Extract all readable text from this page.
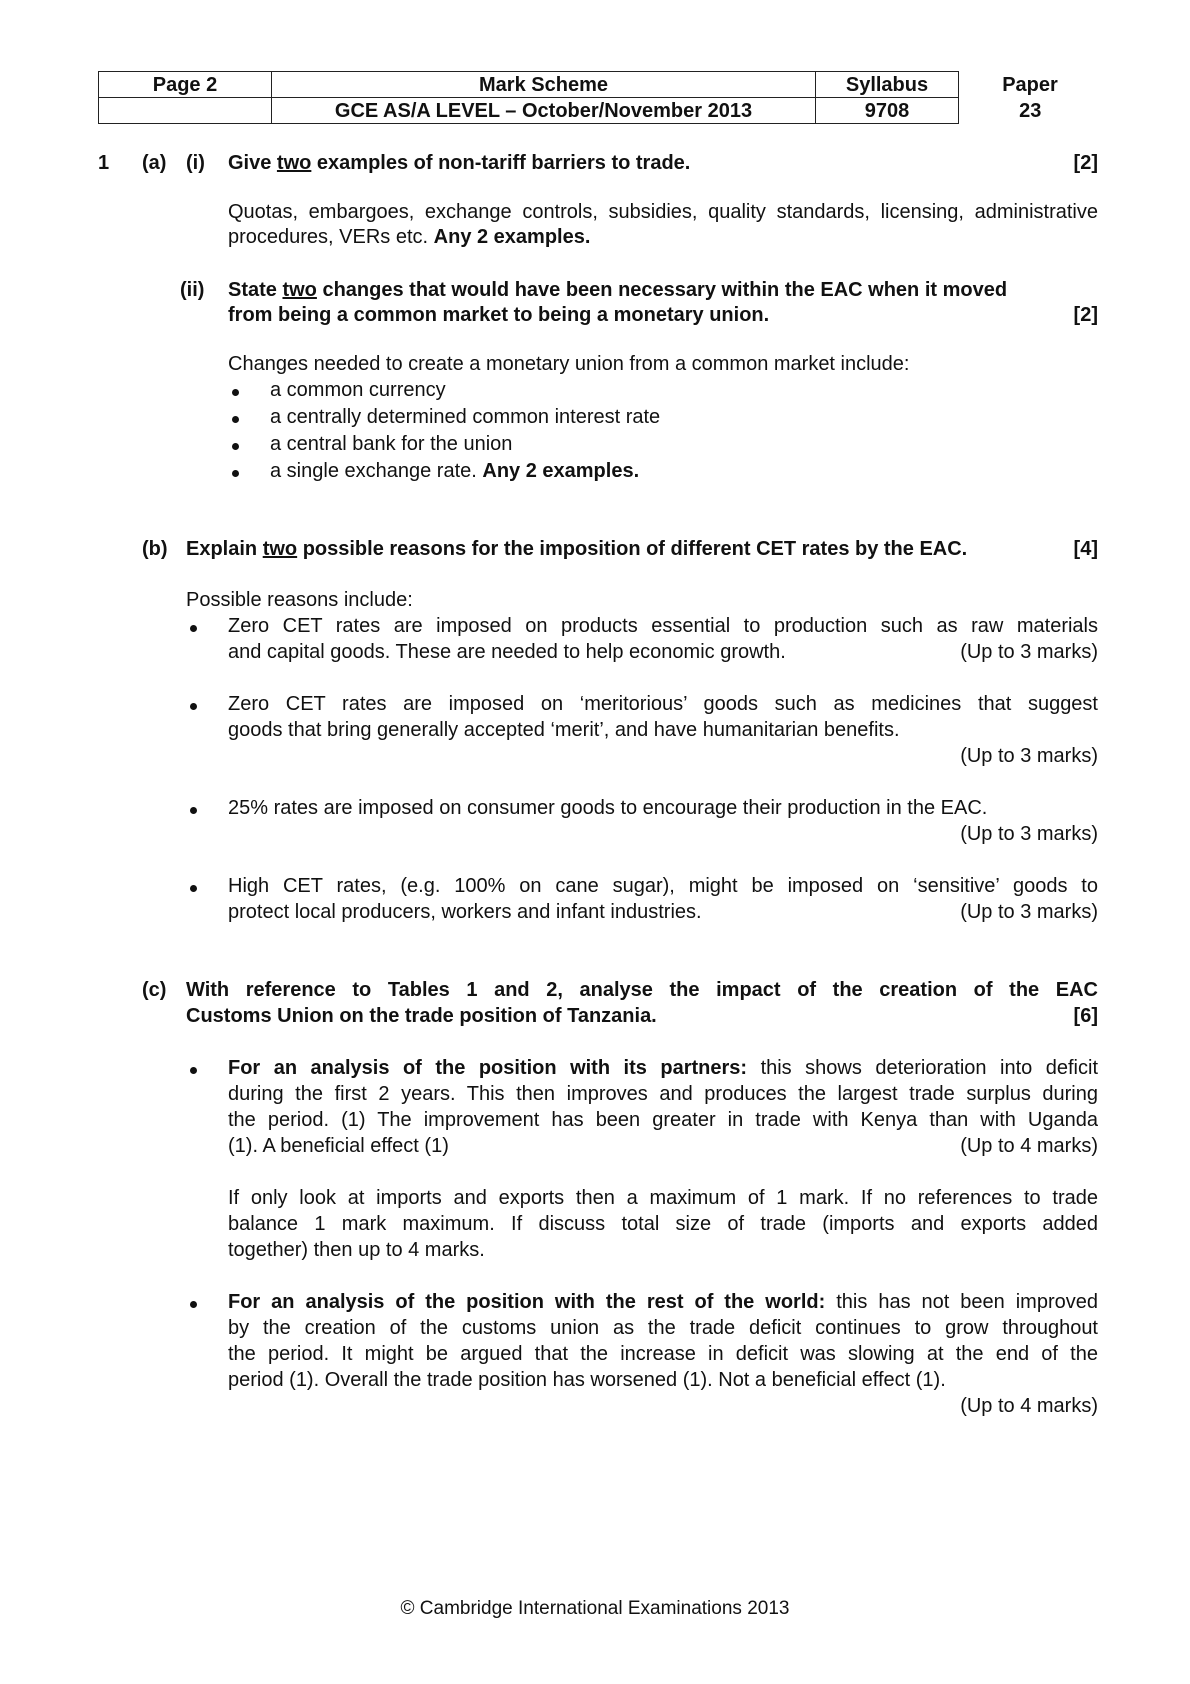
Page 2	Mark Scheme	Syllabus	Paper
	GCE AS/A LEVEL – October/November 2013	9708	23
1 (a) (i) Give two examples of non-tariff barriers to trade.	[2]
Quotas, embargoes, exchange controls, subsidies, quality standards, licensing, administrative procedures, VERs etc. Any 2 examples.
(ii) State two changes that would have been necessary within the EAC when it moved
from being a common market to being a monetary union.	[2]
Changes needed to create a monetary union from a common market include:
a common currency
a centrally determined common interest rate
a central bank for the union
a single exchange rate. Any 2 examples.
(b) Explain two possible reasons for the imposition of different CET rates by the EAC.	[4]
Possible reasons include:
Zero CET rates are imposed on products essential to production such as raw materials
and capital goods. These are needed to help economic growth.	(Up to 3 marks)
Zero CET rates are imposed on ‘meritorious’ goods such as medicines that suggest
goods that bring generally accepted ‘merit’, and have humanitarian benefits.
(Up to 3 marks)
25% rates are imposed on consumer goods to encourage their production in the EAC.
(Up to 3 marks)
High CET rates, (e.g. 100% on cane sugar), might be imposed on ‘sensitive’ goods to
protect local producers, workers and infant industries.	(Up to 3 marks)
(c) With reference to Tables 1 and 2, analyse the impact of the creation of the EAC
Customs Union on the trade position of Tanzania.	[6]
For an analysis of the position with its partners: this shows deterioration into deficit
during the first 2 years. This then improves and produces the largest trade surplus during
the period. (1) The improvement has been greater in trade with Kenya than with Uganda
(1). A beneficial effect (1)	(Up to 4 marks)
If only look at imports and exports then a maximum of 1 mark. If no references to trade
balance 1 mark maximum. If discuss total size of trade (imports and exports added
together) then up to 4 marks.
For an analysis of the position with the rest of the world: this has not been improved
by the creation of the customs union as the trade deficit continues to grow throughout
the period. It might be argued that the increase in deficit was slowing at the end of the
period (1). Overall the trade position has worsened (1). Not a beneficial effect (1).
(Up to 4 marks)
© Cambridge International Examinations 2013
